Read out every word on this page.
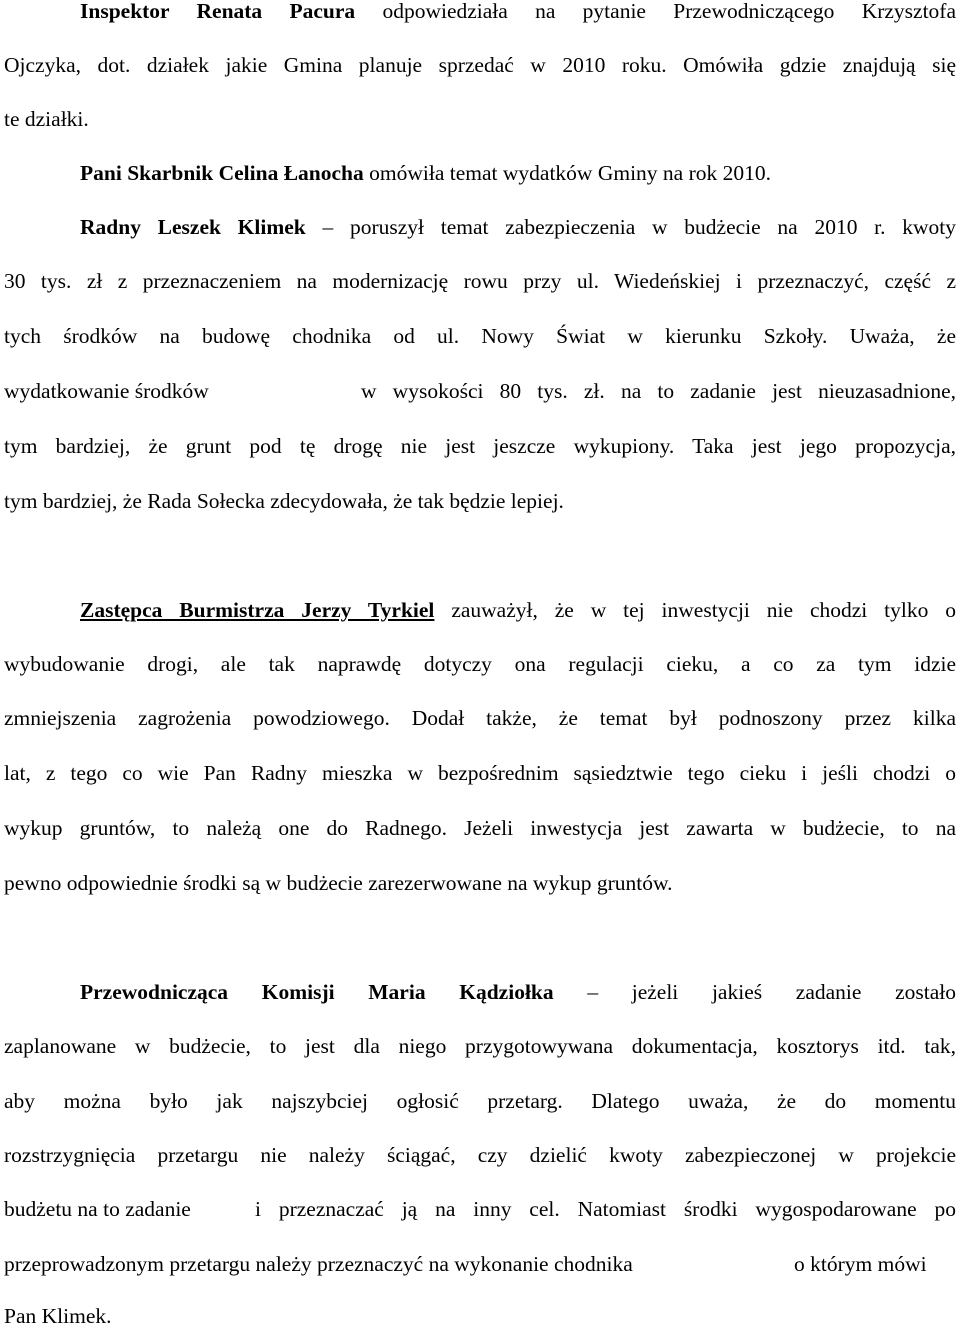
Inspektor Renata Pacura odpowiedziała na pytanie Przewodniczącego Krzysztofa
Ojczyka, dot. działek jakie Gmina planuje sprzedać w 2010 roku. Omówiła gdzie znajdują się
te działki.
Pani Skarbnik Celina Łanocha omówiła temat wydatków Gminy na rok 2010.
Radny Leszek Klimek – poruszył temat zabezpieczenia w budżecie na 2010 r. kwoty
30 tys. zł z przeznaczeniem na modernizację rowu przy ul. Wiedeńskiej i przeznaczyć, część z
tych środków na budowę chodnika od ul. Nowy Świat w kierunku Szkoły. Uważa, że
wydatkowanie środków	w wysokości 80 tys. zł. na to zadanie jest nieuzasadnione,
tym bardziej, że grunt pod tę drogę nie jest jeszcze wykupiony. Taka jest jego propozycja,
tym bardziej, że Rada Sołecka zdecydowała, że tak będzie lepiej.
Zastępca Burmistrza Jerzy Tyrkiel zauważył, że w tej inwestycji nie chodzi tylko o
wybudowanie drogi, ale tak naprawdę dotyczy ona regulacji cieku, a co za tym idzie
zmniejszenia zagrożenia powodziowego. Dodał także, że temat był podnoszony przez kilka
lat, z tego co wie Pan Radny mieszka w bezpośrednim sąsiedztwie tego cieku i jeśli chodzi o
wykup gruntów, to należą one do Radnego. Jeżeli inwestycja jest zawarta w budżecie, to na
pewno odpowiednie środki są w budżecie zarezerwowane na wykup gruntów.
Przewodnicząca Komisji Maria Kądziołka – jeżeli jakieś zadanie zostało
zaplanowane w budżecie, to jest dla niego przygotowywana dokumentacja, kosztorys itd. tak,
aby można było jak najszybciej ogłosić przetarg. Dlatego uważa, że do momentu
rozstrzygnięcia przetargu nie należy ściągać, czy dzielić kwoty zabezpieczonej w projekcie
budżetu na to zadanie	i przeznaczać ją na inny cel. Natomiast środki wygospodarowane po
przeprowadzonym przetargu należy przeznaczyć na wykonanie chodnika	o którym mówi
Pan Klimek.
